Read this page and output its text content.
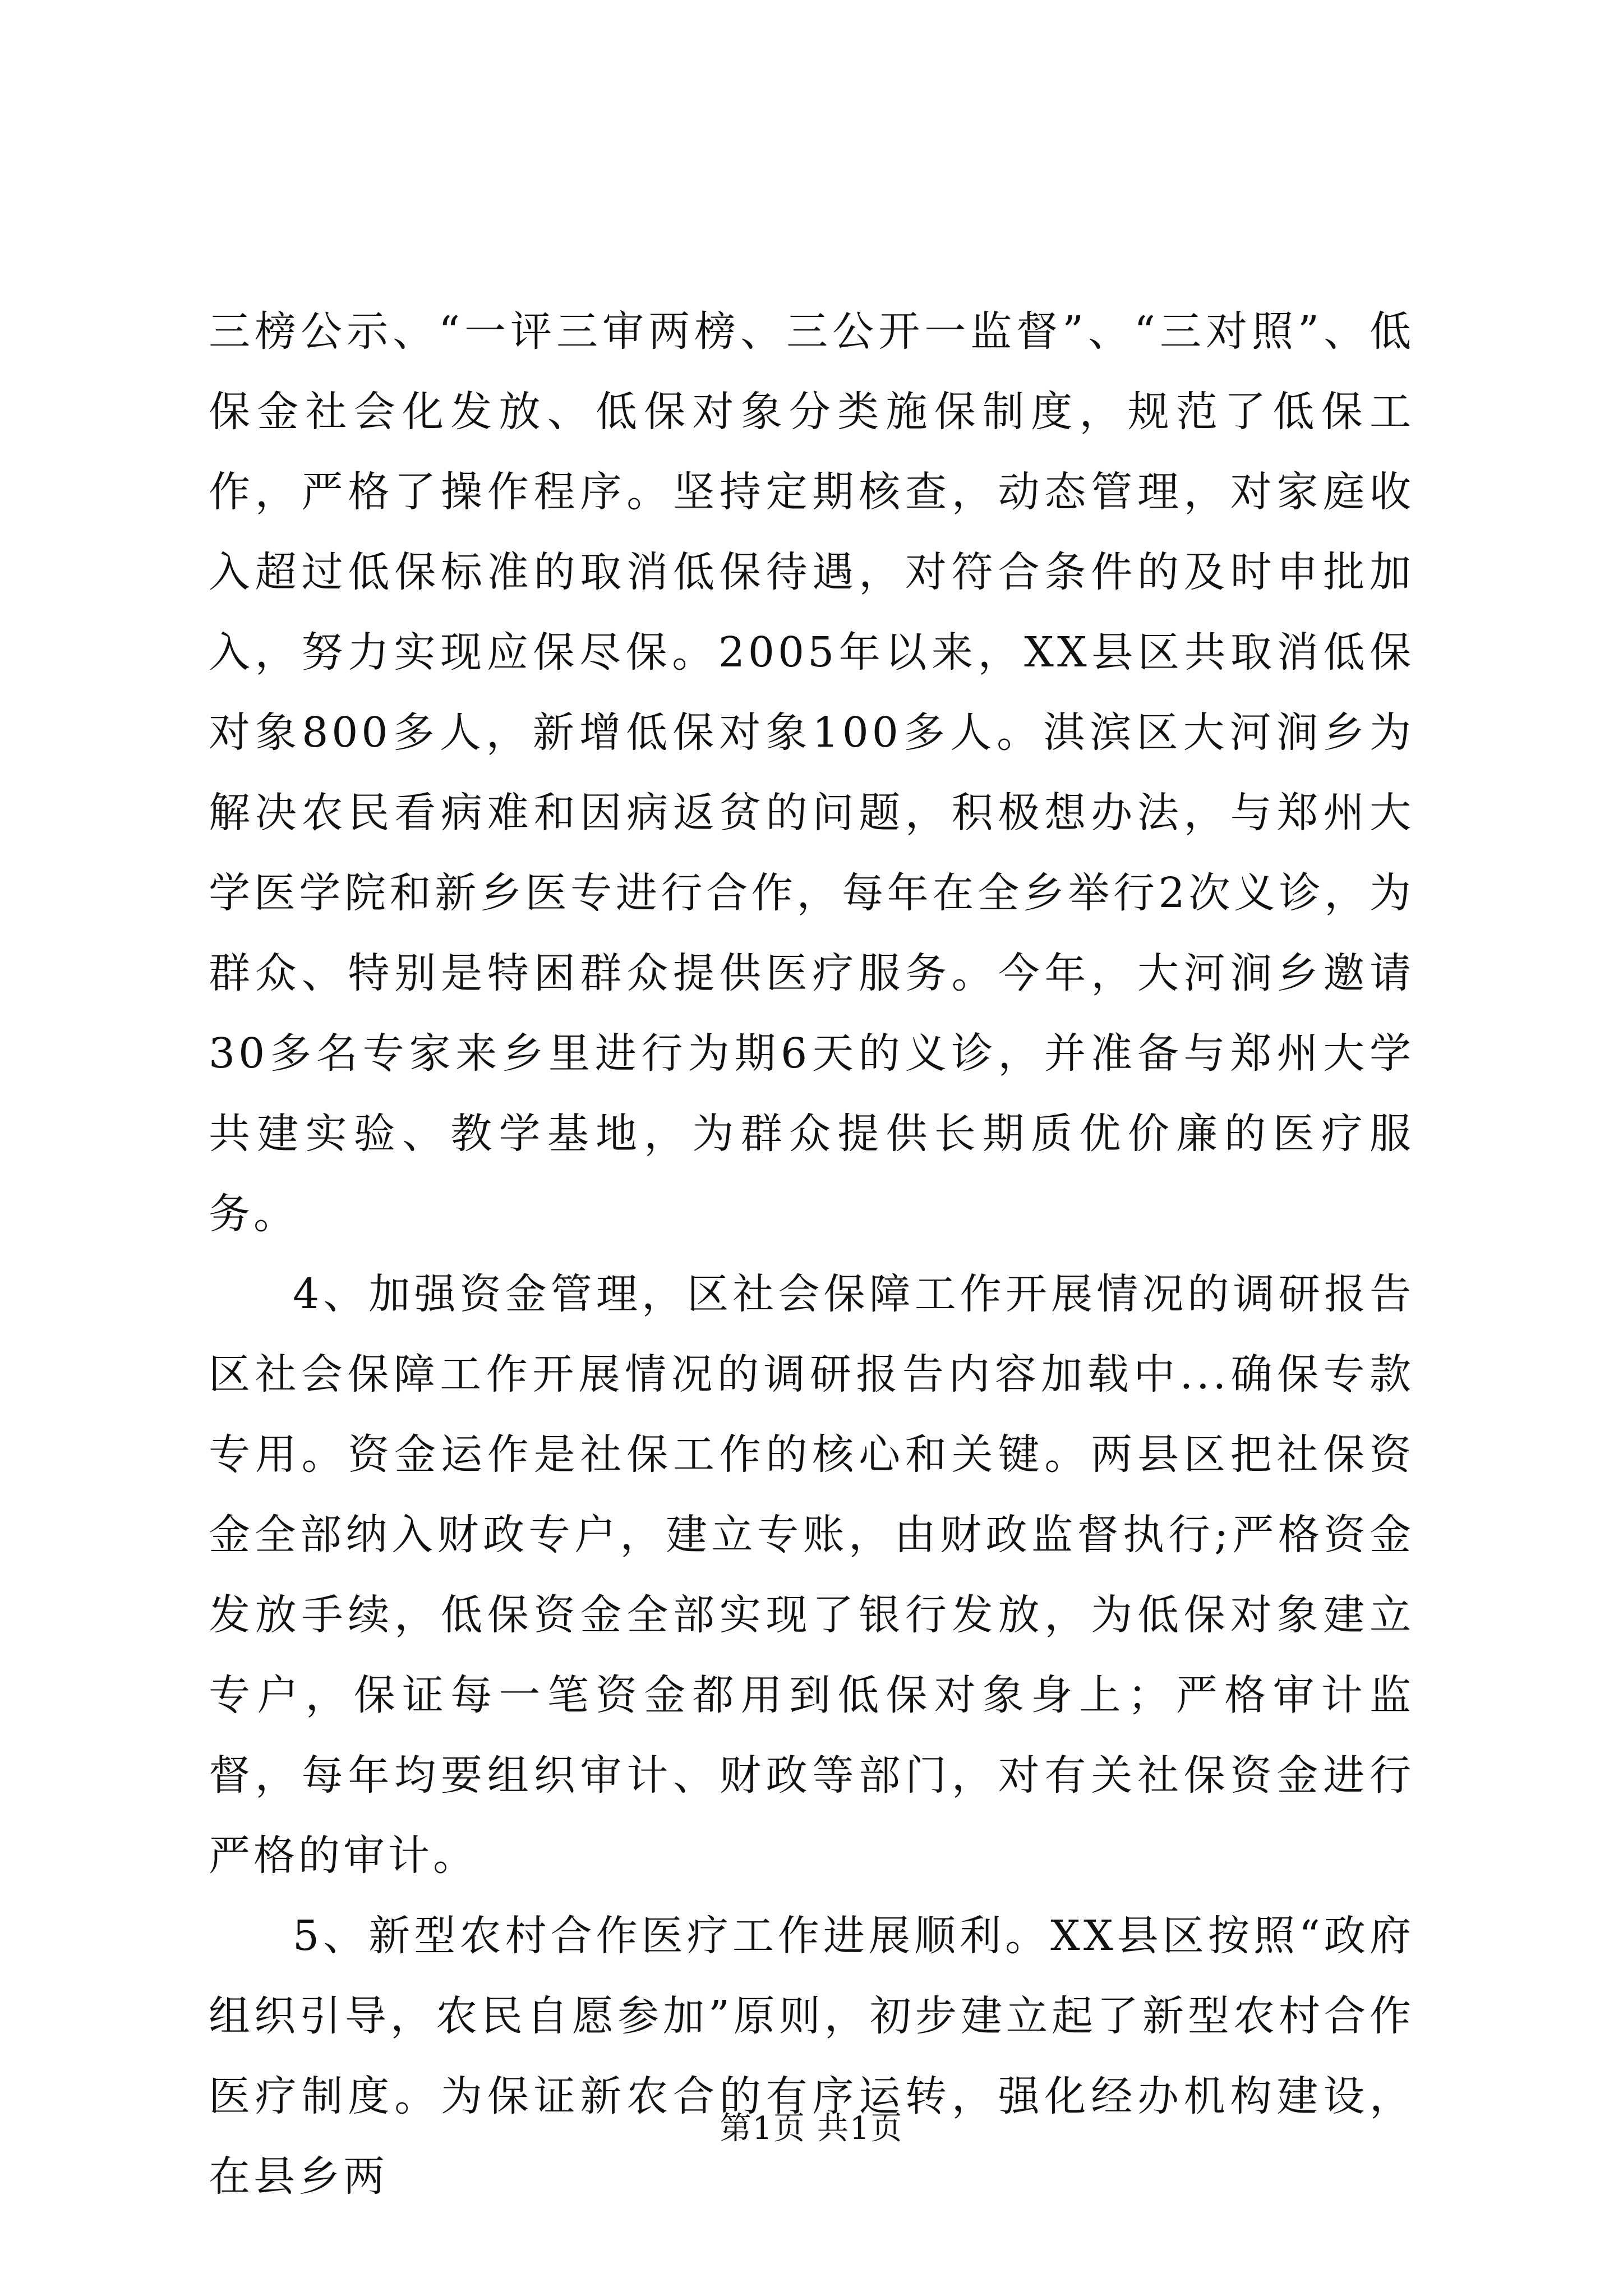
三榜公示、“一评三审两榜、三公开一监督”、“三对照”、低保金社会化发放、低保对象分类施保制度，规范了低保工作，严格了操作程序。坚持定期核查，动态管理，对家庭收入超过低保标准的取消低保待遇，对符合条件的及时申批加入，努力实现应保尽保。2005年以来，XX县区共取消低保对象800多人，新增低保对象100多人。淇滨区大河涧乡为解决农民看病难和因病返贫的问题，积极想办法，与郑州大学医学院和新乡医专进行合作，每年在全乡举行2次义诊，为群众、特别是特困群众提供医疗服务。今年，大河涧乡邀请30多名专家来乡里进行为期6天的义诊，并准备与郑州大学共建实验、教学基地，为群众提供长期质优价廉的医疗服务。

4、加强资金管理，区社会保障工作开展情况的调研报告区社会保障工作开展情况的调研报告内容加载中...确保专款专用。资金运作是社保工作的核心和关键。两县区把社保资金全部纳入财政专户，建立专账，由财政监督执行;严格资金发放手续，低保资金全部实现了银行发放，为低保对象建立专户，保证每一笔资金都用到低保对象身上；严格审计监督，每年均要组织审计、财政等部门，对有关社保资金进行严格的审计。

5、新型农村合作医疗工作进展顺利。XX县区按照“政府组织引导，农民自愿参加”原则，初步建立起了新型农村合作医疗制度。为保证新农合的有序运转，强化经办机构建设，在县乡两

第1页 共1页
